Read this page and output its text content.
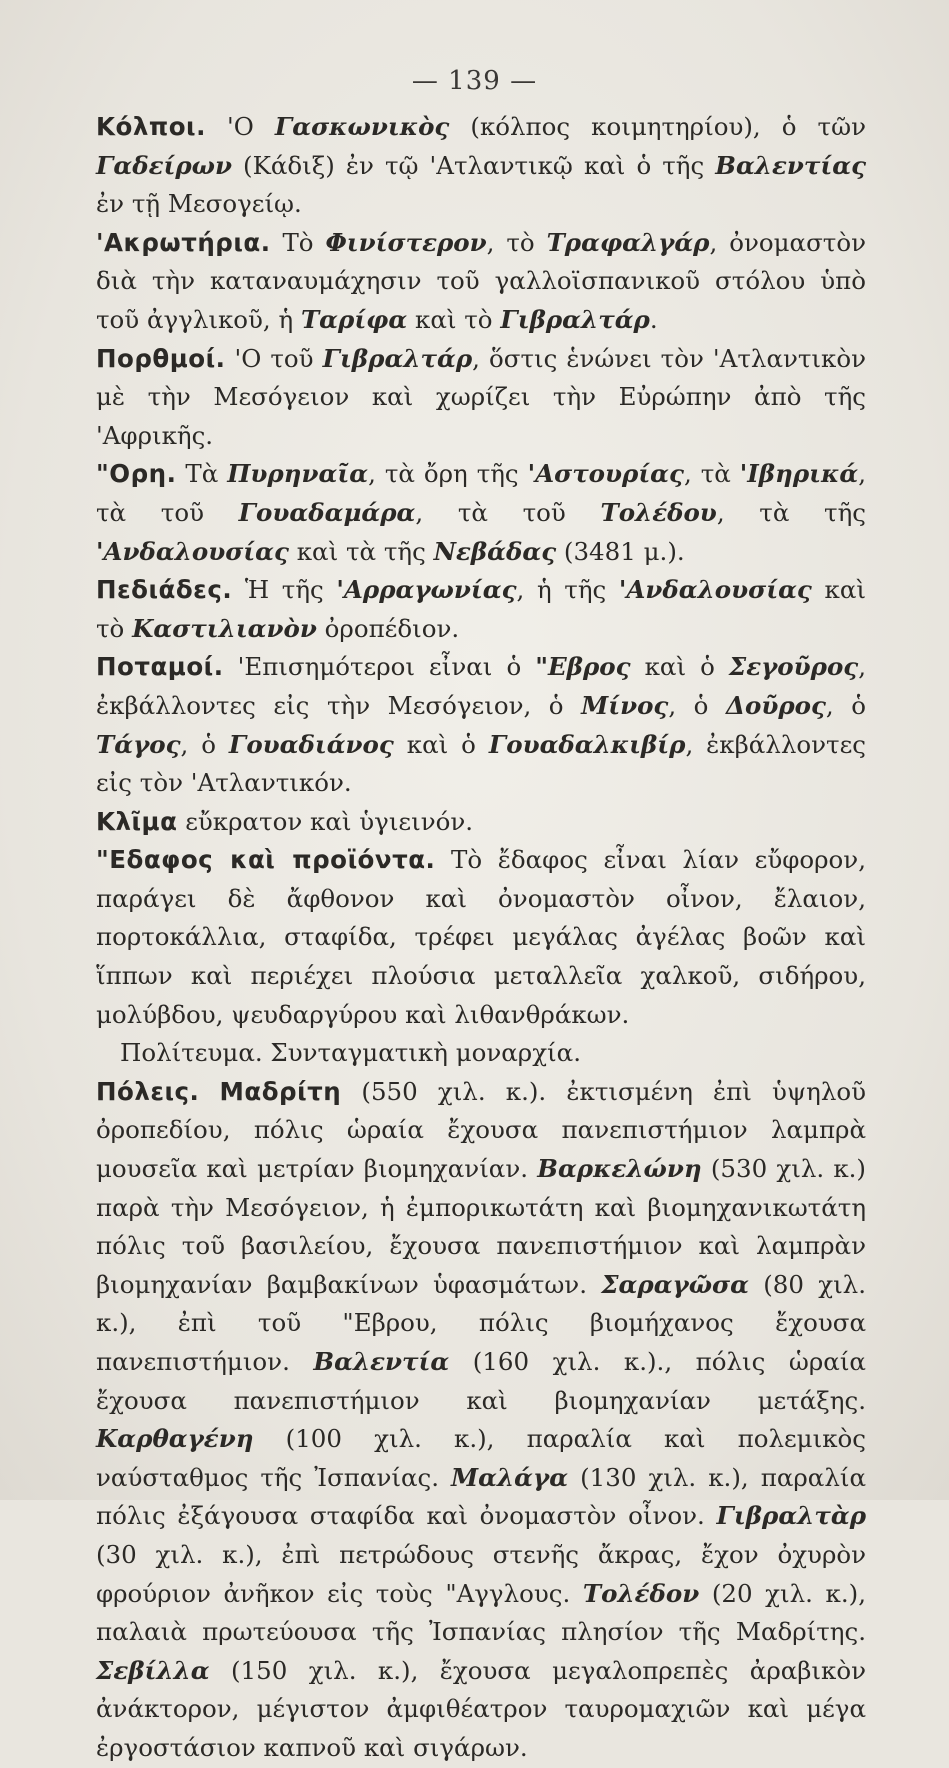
— 139 —

Κόλποι. 'Ο Γασκωνικὸς (κόλπος κοιμητηρίου), ὁ τῶν Γαδείρων (Κάδιξ) ἐν τῷ 'Ατλαντικῷ καὶ ὁ τῆς Βαλεντίας ἐν τῇ Μεσογείῳ.

'Ακρωτήρια. Τὸ Φινίστερον, τὸ Τραφαλγάρ, ὀνομαστὸν διὰ τὴν καταναυμάχησιν τοῦ γαλλοϊσπανικοῦ στόλου ὑπὸ τοῦ ἀγγλικοῦ, ἡ Ταρίφα καὶ τὸ Γιβραλτάρ.

Πορθμοί. 'Ο τοῦ Γιβραλτάρ, ὅστις ἑνώνει τὸν 'Ατλαντικὸν μὲ τὴν Μεσόγειον καὶ χωρίζει τὴν Εὐρώπην ἀπὸ τῆς 'Αφρικῆς.

"Ορη. Τὰ Πυρηναῖα, τὰ ὄρη τῆς 'Αστουρίας, τὰ 'Ιβηρικά, τὰ τοῦ Γουαδαμάρα, τὰ τοῦ Τολέδου, τὰ τῆς 'Ανδαλουσίας καὶ τὰ τῆς Νεβάδας (3481 μ.).

Πεδιάδες. Ἡ τῆς 'Αρραγωνίας, ἡ τῆς 'Ανδαλουσίας καὶ τὸ Καστιλιανὸν ὀροπέδιον.

Ποταμοί. 'Επισημότεροι εἶναι ὁ "Εβρος καὶ ὁ Σεγοῦρος, ἐκβάλλοντες εἰς τὴν Μεσόγειον, ὁ Μίνος, ὁ Δοῦρος, ὁ Τάγος, ὁ Γουαδιάνος καὶ ὁ Γουαδαλκιβίρ, ἐκβάλλοντες εἰς τὸν 'Ατλαντικόν.

Κλῖμα εὔκρατον καὶ ὑγιεινόν.

"Εδαφος καὶ προϊόντα. Τὸ ἔδαφος εἶναι λίαν εὔφορον, παράγει δὲ ἄφθονον καὶ ὀνομαστὸν οἶνον, ἔλαιον, πορτοκάλλια, σταφίδα, τρέφει μεγάλας ἀγέλας βοῶν καὶ ἵππων καὶ περιέχει πλούσια μεταλλεῖα χαλκοῦ, σιδήρου, μολύβδου, ψευδαργύρου καὶ λιθανθράκων.

Πολίτευμα. Συνταγματικὴ μοναρχία.

Πόλεις. Μαδρίτη (550 χιλ. κ.). ἐκτισμένη ἐπὶ ὑψηλοῦ ὀροπεδίου, πόλις ὡραία ἔχουσα πανεπιστήμιον λαμπρὰ μουσεῖα καὶ μετρίαν βιομηχανίαν. Βαρκελώνη (530 χιλ. κ.) παρὰ τὴν Μεσόγειον, ἡ ἐμπορικωτάτη καὶ βιομηχανικωτάτη πόλις τοῦ βασιλείου, ἔχουσα πανεπιστήμιον καὶ λαμπρὰν βιομηχανίαν βαμβακίνων ὑφασμάτων. Σαραγῶσα (80 χιλ. κ.), ἐπὶ τοῦ "Εβρου, πόλις βιομήχανος ἔχουσα πανεπιστήμιον. Βαλεντία (160 χιλ. κ.)., πόλις ὡραία ἔχουσα πανεπιστήμιον καὶ βιομηχανίαν μετάξης. Καρθαγένη (100 χιλ. κ.), παραλία καὶ πολεμικὸς ναύσταθμος τῆς Ἰσπανίας. Μαλάγα (130 χιλ. κ.), παραλία πόλις ἐξάγουσα σταφίδα καὶ ὀνομαστὸν οἶνον. Γιβραλτὰρ (30 χιλ. κ.), ἐπὶ πετρώδους στενῆς ἄκρας, ἔχον ὀχυρὸν φρούριον ἀνῆκον εἰς τοὺς "Αγγλους. Τολέδον (20 χιλ. κ.), παλαιὰ πρωτεύουσα τῆς Ἰσπανίας πλησίον τῆς Μαδρίτης. Σεβίλλα (150 χιλ. κ.), ἔχουσα μεγαλοπρεπὲς ἀραβικὸν ἀνάκτορον, μέγιστον ἀμφιθέατρον ταυρομαχιῶν καὶ μέγα ἐργοστάσιον καπνοῦ καὶ σιγάρων.
